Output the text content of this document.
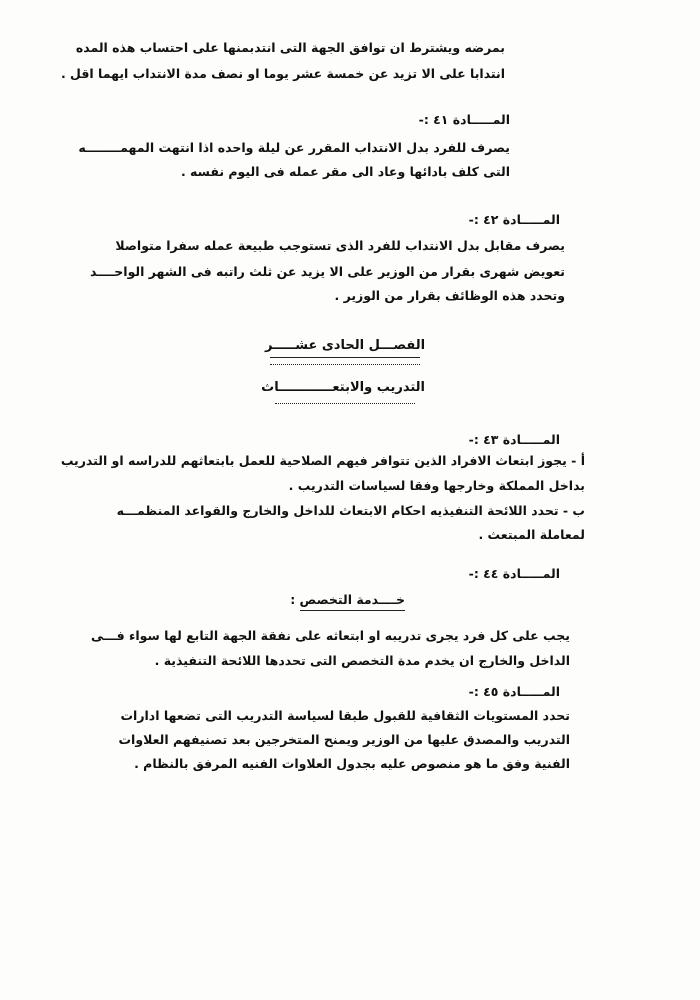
بمرضه ويشترط ان توافق الجهة التى انتدبمنها على احتساب هذه المده
انتدابا على الا تزيد عن خمسة عشر يوما او نصف مدة الانتداب ايهما اقل .
المـــــادة ٤١ :-
يصرف للفرد بدل الانتداب المقرر عن ليلة واحده اذا انتهت المهمــــــــه
التى كلف بادائها وعاد الى مقر عمله فى اليوم نفسه .
المـــــادة ٤٢ :-
يصرف مقابل بدل الانتداب للفرد الذى تستوجب طبيعة عمله سفرا متواصلا
تعويض شهرى بقرار من الوزير على الا يزيد عن ثلث راتبه فى الشهر الواحــــد
وتحدد هذه الوظائف بقرار من الوزير .
الفصـــل الحادى عشـــــر
التدريب والابتعــــــــــــاث
المـــــادة ٤٣ :-
أ - يجوز ابتعاث الافراد الذين تتوافر فيهم الصلاحية للعمل بابتعاثهم للدراسه او التدريب
بداخل المملكة وخارجها وفقا لسياسات التدريب .
ب - تحدد اللائحة التنفيذيه احكام الابتعاث للداخل والخارج والقواعد المنظمـــه
لمعاملة المبتعث .
المـــــادة ٤٤ :-
خــــدمة التخصص :
يجب على كل فرد يجرى تدريبه او ابتعاثه على نفقة الجهة التابع لها سواء فـــى
الداخل والخارج ان يخدم مدة التخصص التى تحددها اللائحة التنفيذية .
المـــــادة ٤٥ :-
تحدد المستويات الثقافية للقبول طبقا لسياسة التدريب التى تضعها ادارات
التدريب والمصدق عليها من الوزير ويمنح المتخرجين بعد تصنيفهم العلاوات
الفنية وفق ما هو منصوص عليه بجدول العلاوات الفنيه المرفق بالنظام .
